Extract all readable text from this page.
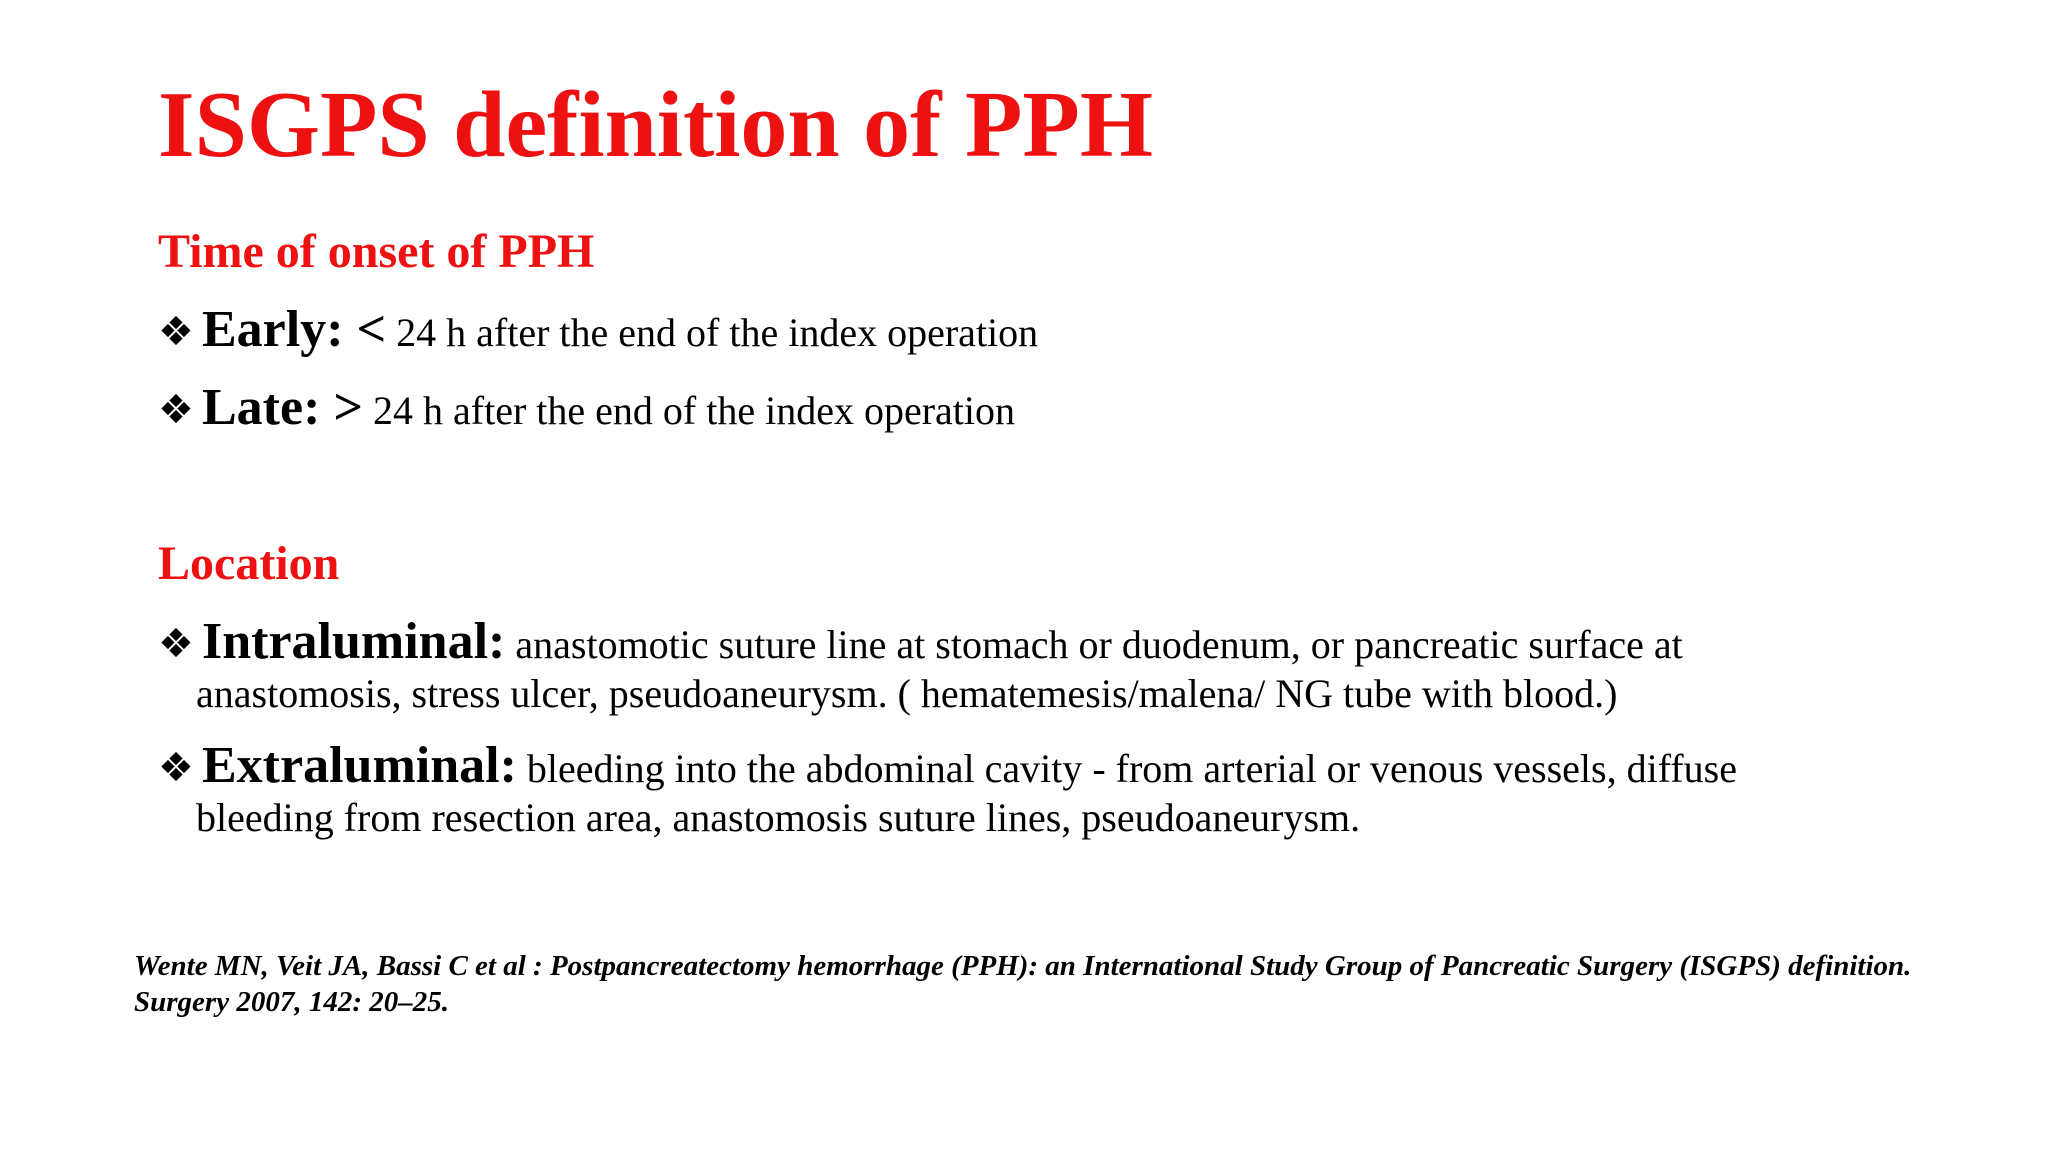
ISGPS definition of PPH
Time of onset of PPH

❖ Early: < 24 h after the end of the index operation

❖ Late: > 24 h after the end of the index operation

Location

❖ Intraluminal: anastomotic suture line at stomach or duodenum, or pancreatic surface at
anastomosis, stress ulcer, pseudoaneurysm. ( hematemesis/malena/ NG tube with blood.)

❖ Extraluminal: bleeding into the abdominal cavity - from arterial or venous vessels, diffuse
bleeding from resection area, anastomosis suture lines, pseudoaneurysm.

Wente MN, Veit JA, Bassi C et al : Postpancreatectomy hemorrhage (PPH): an International Study Group of Pancreatic Surgery (ISGPS) definition.
Surgery 2007, 142: 20–25.
